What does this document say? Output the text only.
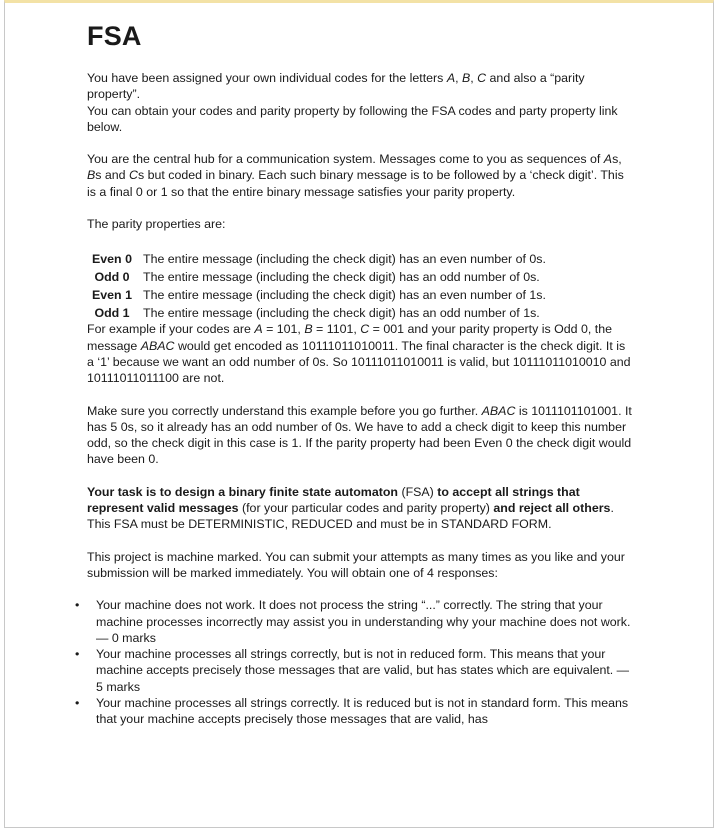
FSA

You have been assigned your own individual codes for the letters A, B, C and also a “parity property”.
You can obtain your codes and parity property by following the FSA codes and party property link below.

You are the central hub for a communication system. Messages come to you as sequences of As, Bs and Cs but coded in binary. Each such binary message is to be followed by a ‘check digit’. This is a final 0 or 1 so that the entire binary message satisfies your parity property.

The parity properties are:

Even 0	The entire message (including the check digit) has an even number of 0s.
Odd 0	The entire message (including the check digit) has an odd number of 0s.
Even 1	The entire message (including the check digit) has an even number of 1s.
Odd 1	The entire message (including the check digit) has an odd number of 1s.

For example if your codes are A = 101, B = 1101, C = 001 and your parity property is Odd 0, the message ABAC would get encoded as 10111011010011. The final character is the check digit. It is a ‘1’ because we want an odd number of 0s. So 10111011010011 is valid, but 10111011010010 and 10111011011100 are not.

Make sure you correctly understand this example before you go further. ABAC is 1011101101001. It has 5 0s, so it already has an odd number of 0s. We have to add a check digit to keep this number odd, so the check digit in this case is 1. If the parity property had been Even 0 the check digit would have been 0.

Your task is to design a binary finite state automaton (FSA) to accept all strings that represent valid messages (for your particular codes and parity property) and reject all others.
This FSA must be DETERMINISTIC, REDUCED and must be in STANDARD FORM.

This project is machine marked. You can submit your attempts as many times as you like and your submission will be marked immediately. You will obtain one of 4 responses:

• Your machine does not work. It does not process the string “...” correctly. The string that your machine processes incorrectly may assist you in understanding why your machine does not work. — 0 marks
• Your machine processes all strings correctly, but is not in reduced form. This means that your machine accepts precisely those messages that are valid, but has states which are equivalent. — 5 marks
• Your machine processes all strings correctly. It is reduced but is not in standard form. This means that your machine accepts precisely those messages that are valid, has
